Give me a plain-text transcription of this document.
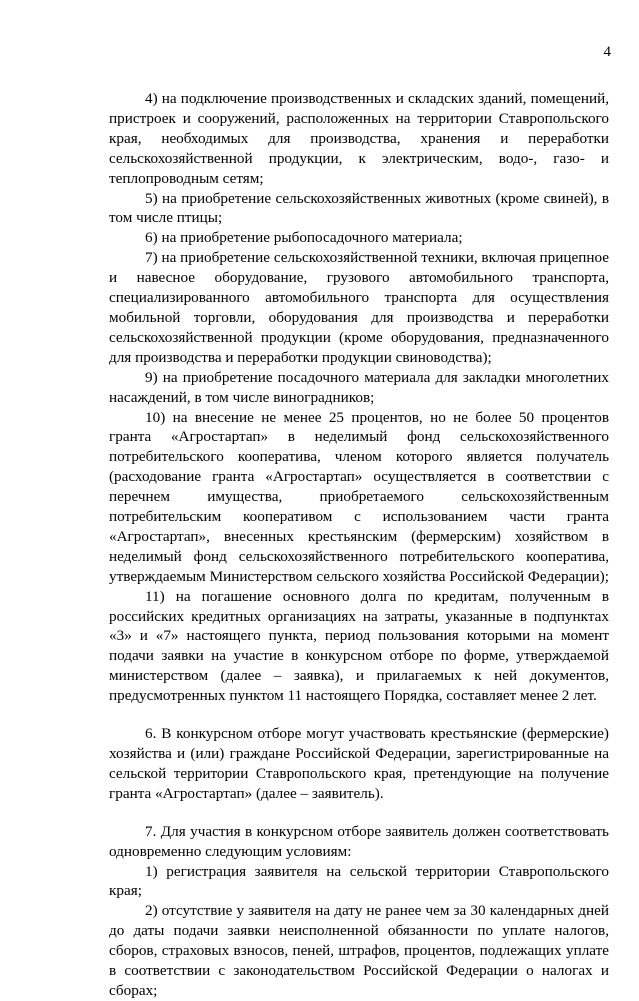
4

4) на подключение производственных и складских зданий, помещений, пристроек и сооружений, расположенных на территории Ставропольского края, необходимых для производства, хранения и переработки сельскохозяйственной продукции, к электрическим, водо-, газо- и теплопроводным сетям;

5) на приобретение сельскохозяйственных животных (кроме свиней), в том числе птицы;

6) на приобретение рыбопосадочного материала;

7) на приобретение сельскохозяйственной техники, включая прицепное и навесное оборудование, грузового автомобильного транспорта, специализированного автомобильного транспорта для осуществления мобильной торговли, оборудования для производства и переработки сельскохозяйственной продукции (кроме оборудования, предназначенного для производства и переработки продукции свиноводства);

9) на приобретение посадочного материала для закладки многолетних насаждений, в том числе виноградников;

10) на внесение не менее 25 процентов, но не более 50 процентов гранта «Агростартап» в неделимый фонд сельскохозяйственного потребительского кооператива, членом которого является получатель (расходование гранта «Агростартап» осуществляется в соответствии с перечнем имущества, приобретаемого сельскохозяйственным потребительским кооперативом с использованием части гранта «Агростартап», внесенных крестьянским (фермерским) хозяйством в неделимый фонд сельскохозяйственного потребительского кооператива, утверждаемым Министерством сельского хозяйства Российской Федерации);

11) на погашение основного долга по кредитам, полученным в российских кредитных организациях на затраты, указанные в подпунктах «3» и «7» настоящего пункта, период пользования которыми на момент подачи заявки на участие в конкурсном отборе по форме, утверждаемой министерством (далее – заявка), и прилагаемых к ней документов, предусмотренных пунктом 11 настоящего Порядка, составляет менее 2 лет.

6. В конкурсном отборе могут участвовать крестьянские (фермерские) хозяйства и (или) граждане Российской Федерации, зарегистрированные на сельской территории Ставропольского края, претендующие на получение гранта «Агростартап» (далее – заявитель).

7. Для участия в конкурсном отборе заявитель должен соответствовать одновременно следующим условиям:

1) регистрация заявителя на сельской территории Ставропольского края;

2) отсутствие у заявителя на дату не ранее чем за 30 календарных дней до даты подачи заявки неисполненной обязанности по уплате налогов, сборов, страховых взносов, пеней, штрафов, процентов, подлежащих уплате в соответствии с законодательством Российской Федерации о налогах и сборах;
